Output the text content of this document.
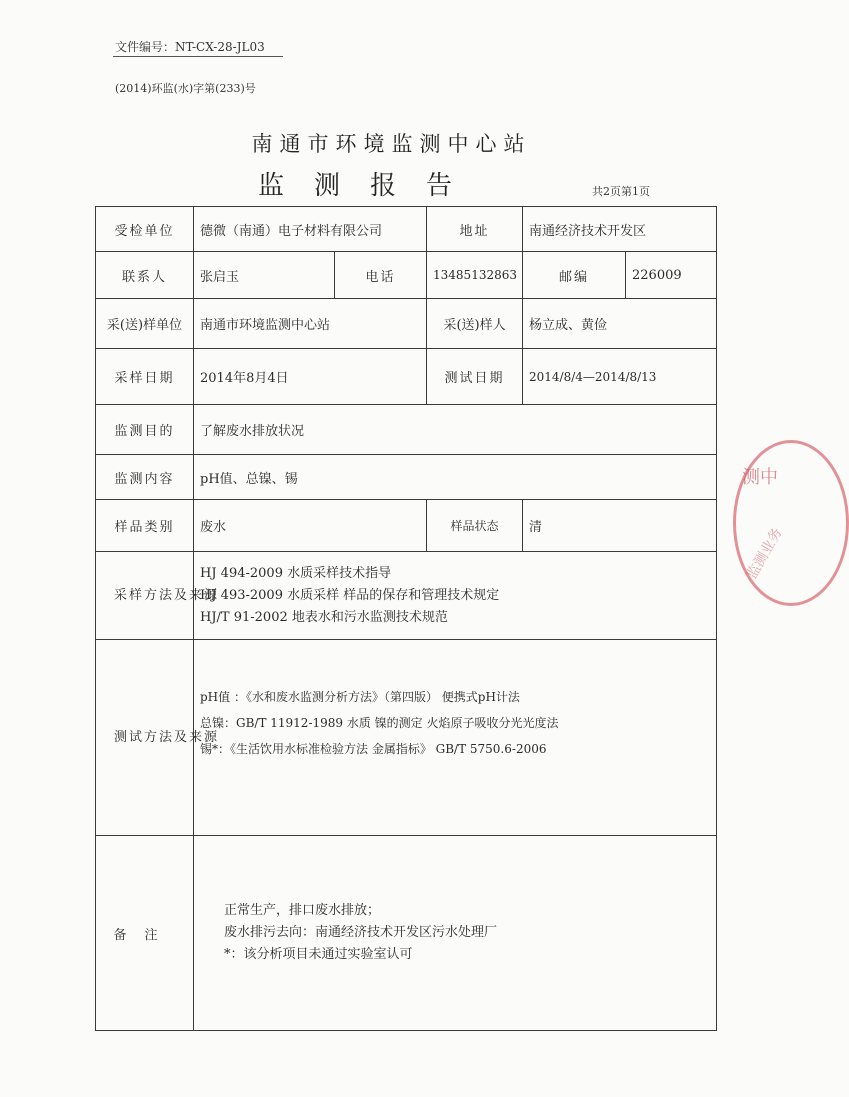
文件编号：NT-CX-28-JL03
(2014)环监(水)字第(233)号
南通市环境监测中心站
监测报告	共2页第1页
受检单位	德微（南通）电子材料有限公司		地址	南通经济技术开发区	
联系人	张启玉	电话	13485132863	邮编	226009
采(送)样单位	南通市环境监测中心站		采(送)样人	杨立成、黄俭	
采样日期	2014年8月4日		测试日期	2014/8/4—2014/8/13	
监测目的	了解废水排放状况				
监测内容	pH值、总镍、锡				
样品类别	废水		样品状态	清	
采样方法及来源	HJ 494-2009 水质采样技术指导
HJ 493-2009 水质采样 样品的保存和管理技术规定
HJ/T 91-2002 地表水和污水监测技术规范				

测试方法及来源	pH值 ：《水和废水监测分析方法》（第四版） 便携式pH计法
总镍：GB/T 11912-1989 水质 镍的测定 火焰原子吸收分光光度法
锡*：《生活饮用水标准检验方法 金属指标》 GB/T 5750.6-2006				

备注	正常生产，排口废水排放；
废水排污去向：南通经济技术开发区污水处理厂
*：该分析项目未通过实验室认可				
测中
监测业务
